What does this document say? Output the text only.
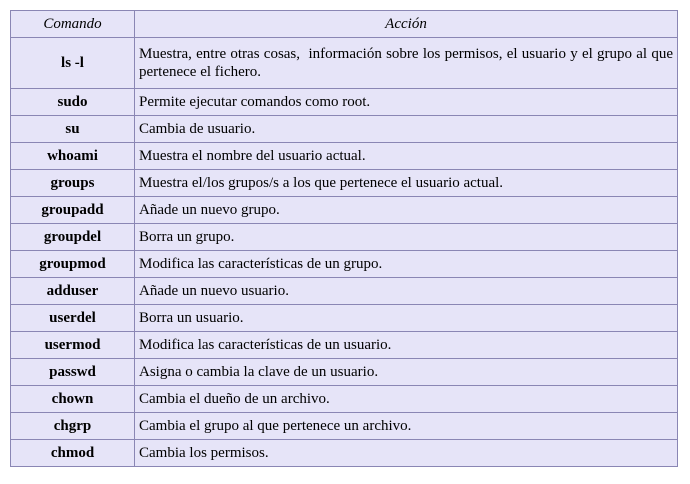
Comando	Acción
ls -l	Muestra, entre otras cosas,  información sobre los permisos, el usuario y el grupo al que pertenece el fichero.
sudo	Permite ejecutar comandos como root.
su	Cambia de usuario.
whoami	Muestra el nombre del usuario actual.
groups	Muestra el/los grupos/s a los que pertenece el usuario actual.
groupadd	Añade un nuevo grupo.
groupdel	Borra un grupo.
groupmod	Modifica las características de un grupo.
adduser	Añade un nuevo usuario.
userdel	Borra un usuario.
usermod	Modifica las características de un usuario.
passwd	Asigna o cambia la clave de un usuario.
chown	Cambia el dueño de un archivo.
chgrp	Cambia el grupo al que pertenece un archivo.
chmod	Cambia los permisos.
